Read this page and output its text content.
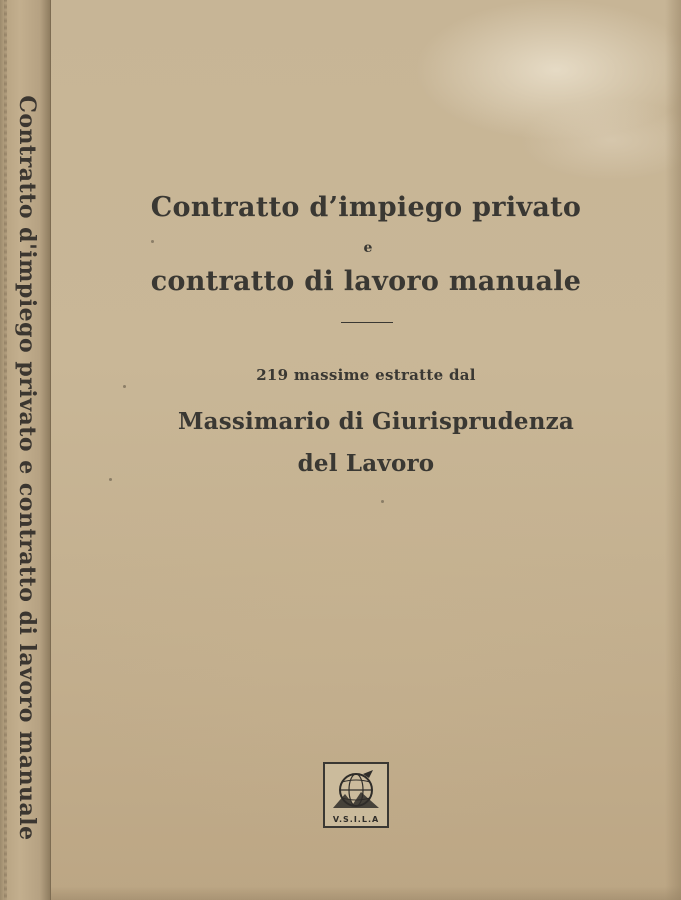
Contratto d'impiego privato e contratto di lavoro manuale	Contratto d’impiego privato
e
contratto di lavoro manuale
219 massime estratte dal
Massimario di Giurisprudenza
del Lavoro
V.S.I.L.A
